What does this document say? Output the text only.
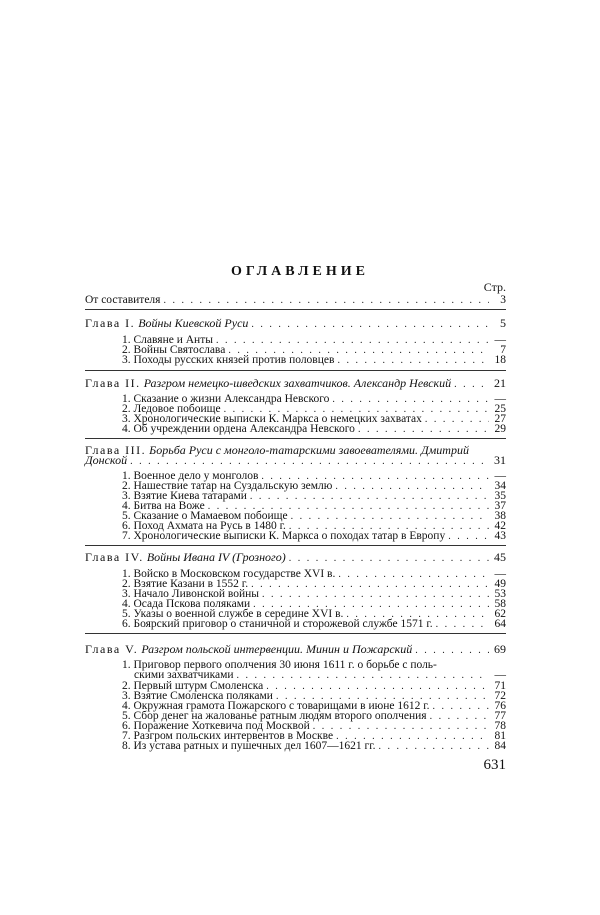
ОГЛАВЛЕНИЕ
Стр.
От составителя . . .	3
Глава I.
Войны Киевской Руси . . .	5
1. Славяне и Анты . . .	—
2. Войны Святослава . . .	7
3. Походы русских князей против половцев . . .	18
Глава II.
Разгром немецко-шведских захватчиков. Александр Невский . . .	21
1. Сказание о жизни Александра Невского . . .	—
2. Ледовое побоище . . .	25
3. Хронологические выписки К. Маркса о немецких захватах . . .	27
4. Об учреждении ордена Александра Невского . . .	29
Глава III.
Борьба Руси с монголо-татарскими завоевателями. Дмитрий
Донской . . .	31
1. Военное дело у монголов . . .	—
2. Нашествие татар на Суздальскую землю . . .	34
3. Взятие Киева татарами . . .	35
4. Битва на Воже . . .	37
5. Сказание о Мамаевом побоище . . .	38
6. Поход Ахмата на Русь в 1480 г. . . .	42
7. Хронологические выписки К. Маркса о походах татар в Европу . . .	43
Глава IV.
Войны Ивана IV (Грозного) . . .	45
1. Войско в Московском государстве XVI в. . . .	—
2. Взятие Казани в 1552 г. . . .	49
3. Начало Ливонской войны . . .	53
4. Осада Пскова поляками . . .	58
5. Указы о военной службе в середине XVI в. . . .	62
6. Боярский приговор о станичной и сторожевой службе 1571 г. . . .	64
Глава V.
Разгром польской интервенции. Минин и Пожарский . . .	69
1. Приговор первого ополчения 30 июня 1611 г. о борьбе с поль-
скими захватчиками . . .	—
2. Первый штурм Смоленска . . .	71
3. Взятие Смоленска поляками . . .	72
4. Окружная грамота Пожарского с товарищами в июне 1612 г. . . .	76
5. Сбор денег на жалованье ратным людям второго ополчения . . .	77
6. Поражение Хоткевича под Москвой . . .	78
7. Разгром польских интервентов в Москве . . .	81
8. Из устава ратных и пушечных дел 1607—1621 гг. . . .	84
631
